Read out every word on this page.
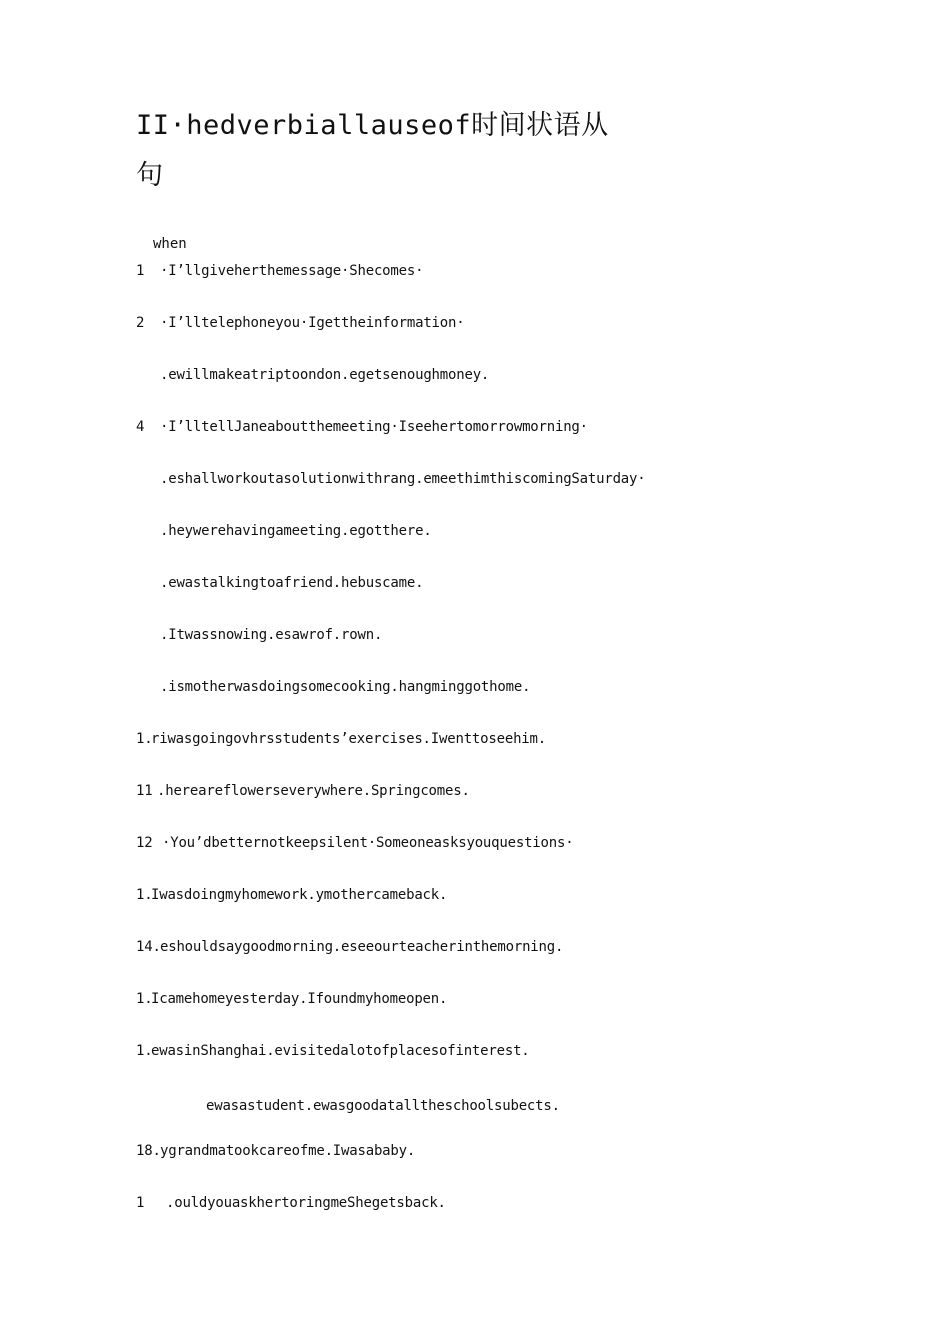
II·hedverbiallauseof时间状语从
句
when
1 ·I’llgiveherthemessage·Shecomes·
2 ·I’lltelephoneyou·Igettheinformation·
.ewillmakeatriptoondon.egetsenoughmoney.
4 ·I’lltellJaneaboutthemeeting·Iseehertomorrowmorning·
.eshallworkoutasolutionwithrang.emeethimthiscomingSaturday·
.heywerehavingameeting.egotthere.
.ewastalkingtoafriend.hebuscame.
.Itwassnowing.esawrof.rown.
.ismotherwasdoingsomecooking.hangminggothome.
1.
riwasgoingovhrsstudents’exercises.Iwenttoseehim.
11 .hereareflowerseverywhere.Springcomes.
12 ·You’dbetternotkeepsilent·Someoneasksyouquestions·
1.
Iwasdoingmyhomework.ymothercameback.
14. eshouldsaygoodmorning.eseeourteacherinthemorning.
1.
Icamehomeyesterday.Ifoundmyhomeopen.
1.
ewasinShanghai.evisitedalotofplacesofinterest.
ewasastudent.ewasgoodatalltheschoolsubects.
18. ygrandmatookcareofme.Iwasababy.
1 .ouldyouaskhertoringmeShegetsback.
